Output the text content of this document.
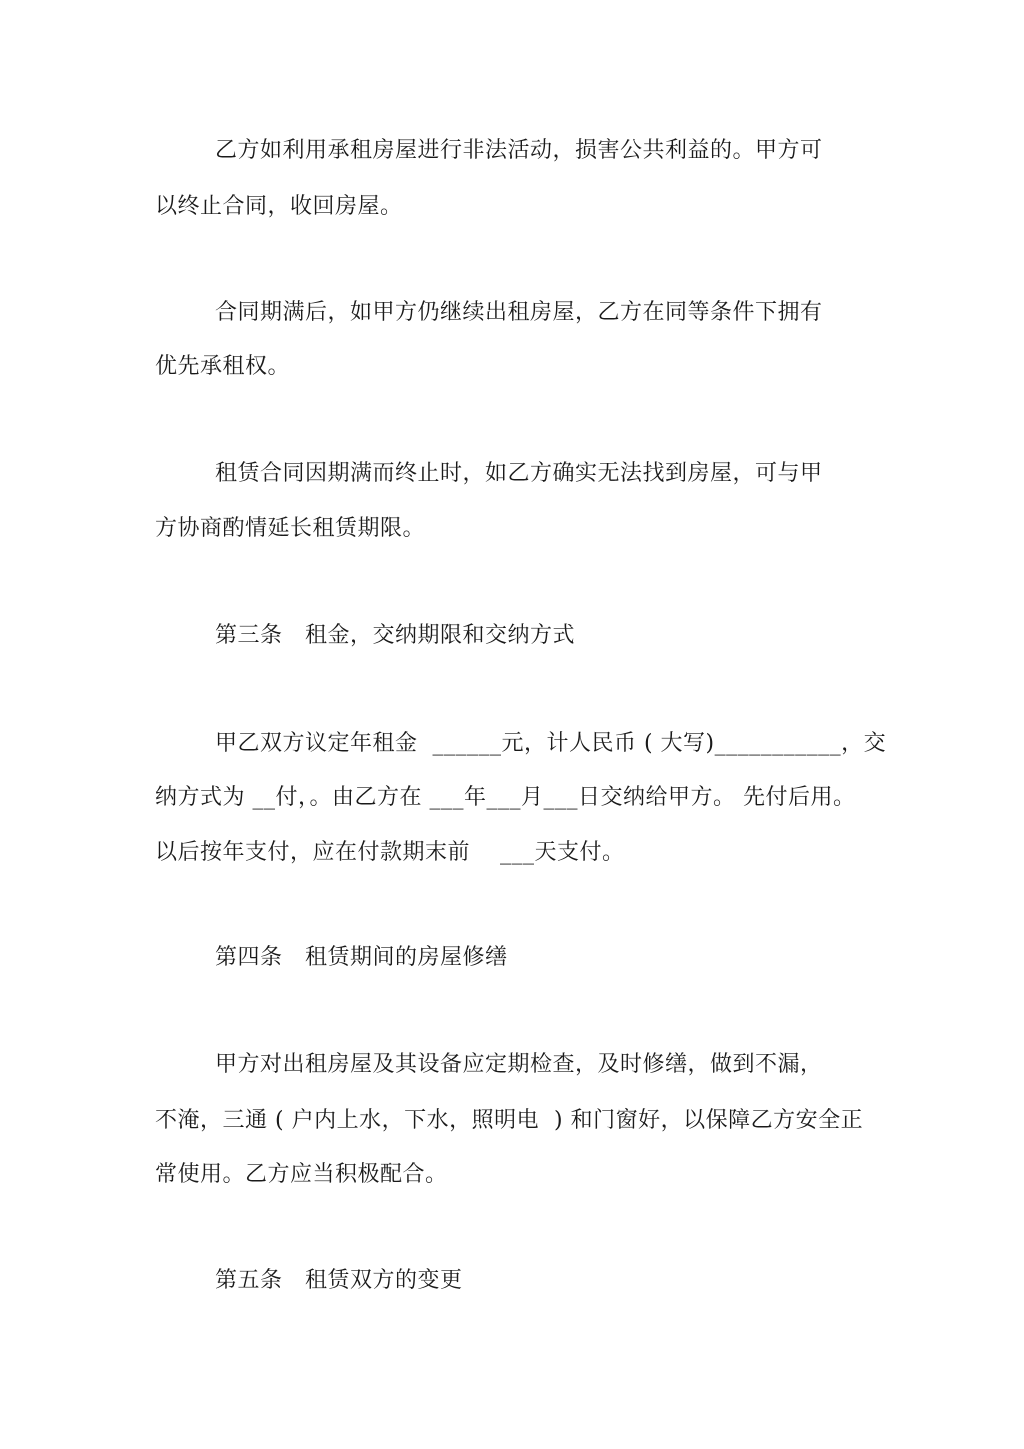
乙方如利用承租房屋进行非法活动，损害公共利益的。甲方可
以终止合同，收回房屋。
合同期满后，如甲方仍继续出租房屋，乙方在同等条件下拥有
优先承租权。
租赁合同因期满而终止时，如乙方确实无法找到房屋，可与甲
方协商酌情延长租赁期限。
第三条   租金，交纳期限和交纳方式
甲乙双方议定年租金  ______元，计人民币 ( 大写)___________，交
纳方式为 __付，。由乙方在 ___年___月___日交纳给甲方。 先付后用。
以后按年支付，应在付款期末前    ___天支付。
第四条   租赁期间的房屋修缮
甲方对出租房屋及其设备应定期检查，及时修缮，做到不漏，
不淹，三通 ( 户内上水，下水，照明电  ) 和门窗好，以保障乙方安全正
常使用。乙方应当积极配合。
第五条   租赁双方的变更
